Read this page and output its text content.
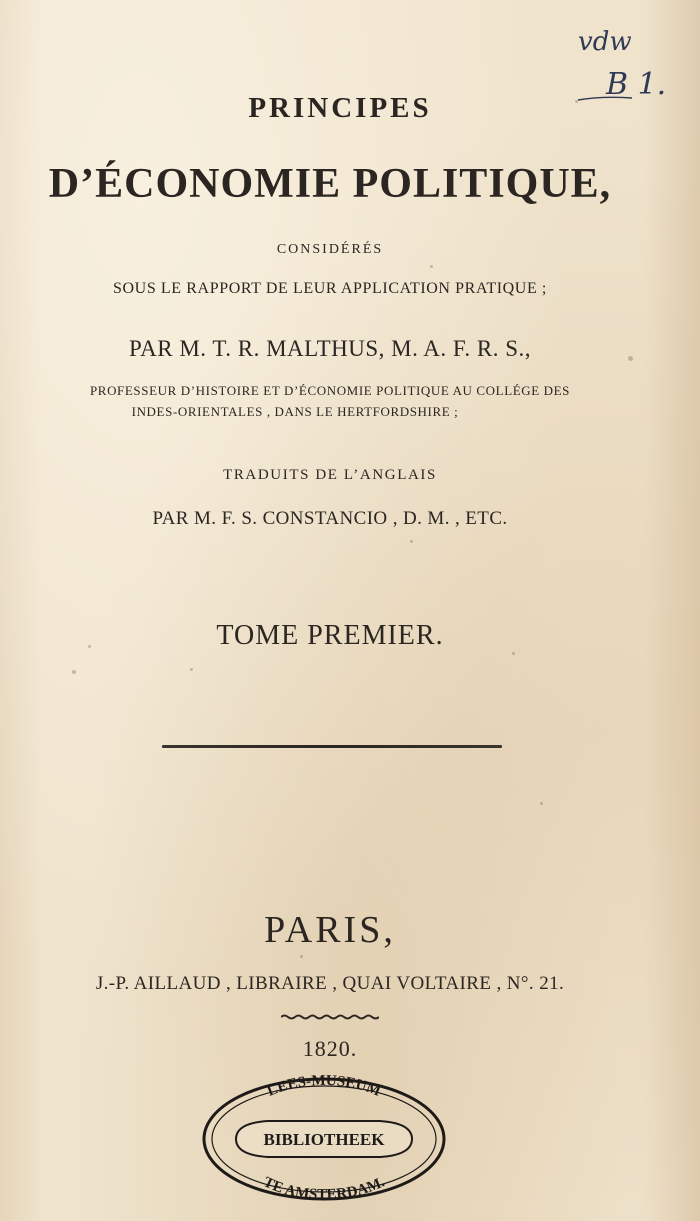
vdw
B 1.
PRINCIPES
D’ÉCONOMIE POLITIQUE,
CONSIDÉRÉS
SOUS LE RAPPORT DE LEUR APPLICATION PRATIQUE ;
PAR M. T. R. MALTHUS, M. A. F. R. S.,
PROFESSEUR D’HISTOIRE ET D’ÉCONOMIE POLITIQUE AU COLLÉGE DES
INDES-ORIENTALES , DANS LE HERTFORDSHIRE ;
TRADUITS DE L’ANGLAIS
PAR M. F. S. CONSTANCIO , D. M. , ETC.
TOME PREMIER.
PARIS,
J.-P. AILLAUD , LIBRAIRE , QUAI VOLTAIRE , N°. 21.
1820.
LEES-MUSEUM
BIBLIOTHEEK
TE AMSTERDAM.
